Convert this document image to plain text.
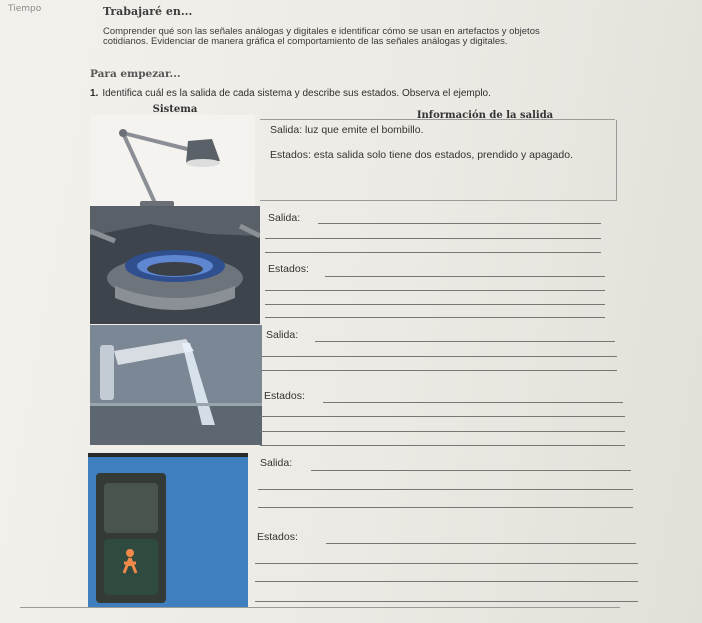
Tiempo	Trabajaré en...
Comprender qué son las señales análogas y digitales e identificar cómo se usan en artefactos y objetos cotidianos. Evidenciar de manera gráfica el comportamiento de las señales análogas y digitales.
Para empezar...
1. Identifica cuál es la salida de cada sistema y describe sus estados. Observa el ejemplo.
Sistema
Información de la salida
Salida: luz que emite el bombillo.
Estados: esta salida solo tiene dos estados, prendido y apagado.
Salida:
Estados:
Salida:
Estados:
Salida:
Estados:
